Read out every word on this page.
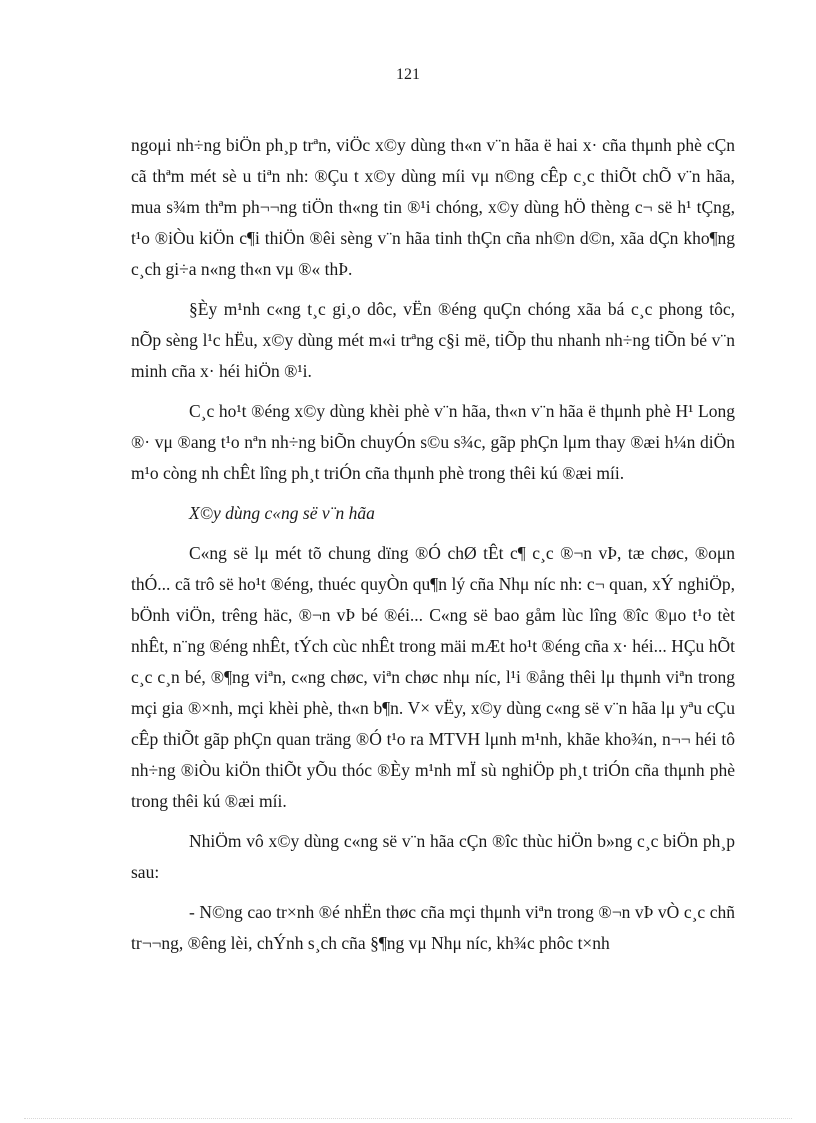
121

ngoμi nh÷ng biÖn ph¸p trªn, viÖc x©y dùng th«n v¨n hãa ë hai x· cña thμnh phè cÇn cã thªm mét sè u tiªn nh: ®Çu t x©y dùng míi vμ n©ng cÊp c¸c thiÕt chÕ v¨n hãa, mua s¾m thªm ph¬¬ng tiÖn th«ng tin ®¹i chóng, x©y dùng hÖ thèng c¬ së h¹ tÇng, t¹o ®iÒu kiÖn c¶i thiÖn ®êi sèng v¨n hãa tinh thÇn cña nh©n d©n, xãa dÇn kho¶ng c¸ch gi÷a n«ng th«n vμ ®« thÞ.

§Èy m¹nh c«ng t¸c gi¸o dôc, vËn ®éng quÇn chóng xãa bá c¸c phong tôc, nÕp sèng l¹c hËu, x©y dùng mét m«i trªng c§i më, tiÕp thu nhanh nh÷ng tiÕn bé v¨n minh cña x· héi hiÖn ®¹i.

C¸c ho¹t ®éng x©y dùng khèi phè v¨n hãa, th«n v¨n hãa ë thμnh phè H¹ Long ®· vμ ®ang t¹o nªn nh÷ng biÕn chuyÓn s©u s¾c, gãp phÇn lμm thay ®æi h¼n diÖn m¹o còng nh chÊt lîng ph¸t triÓn cña thμnh phè trong thêi kú ®æi míi.

X©y dùng c«ng së v¨n hãa

C«ng së lμ mét tõ chung dïng ®Ó chØ tÊt c¶ c¸c ®¬n vÞ, tæ chøc, ®oμn thÓ... cã trô së ho¹t ®éng, thuéc quyÒn qu¶n lý cña Nhμ níc nh: c¬ quan, xÝ nghiÖp, bÖnh viÖn, trêng häc, ®¬n vÞ bé ®éi... C«ng së bao gåm lùc lîng ®îc ®μo t¹o tèt nhÊt, n¨ng ®éng nhÊt, tÝch cùc nhÊt trong mäi mÆt ho¹t ®éng cña x· héi... HÇu hÕt c¸c c¸n bé, ®¶ng viªn, c«ng chøc, viªn chøc nhμ níc, l¹i ®ång thêi lμ thμnh viªn trong mçi gia ®×nh, mçi khèi phè, th«n b¶n. V× vËy, x©y dùng c«ng së v¨n hãa lμ yªu cÇu cÊp thiÕt gãp phÇn quan träng ®Ó t¹o ra MTVH lμnh m¹nh, khãe kho¾n, n¬¬ héi tô nh÷ng ®iÒu kiÖn thiÕt yÕu thóc ®Èy m¹nh mÏ sù nghiÖp ph¸t triÓn cña thμnh phè trong thêi kú ®æi míi.

NhiÖm vô x©y dùng c«ng së v¨n hãa cÇn ®îc thùc hiÖn b»ng c¸c biÖn ph¸p sau:

- N©ng cao tr×nh ®é nhËn thøc cña mçi thμnh viªn trong ®¬n vÞ vÒ c¸c chñ tr¬¬ng, ®êng lèi, chÝnh s¸ch cña §¶ng vμ Nhμ níc, kh¾c phôc t×nh
